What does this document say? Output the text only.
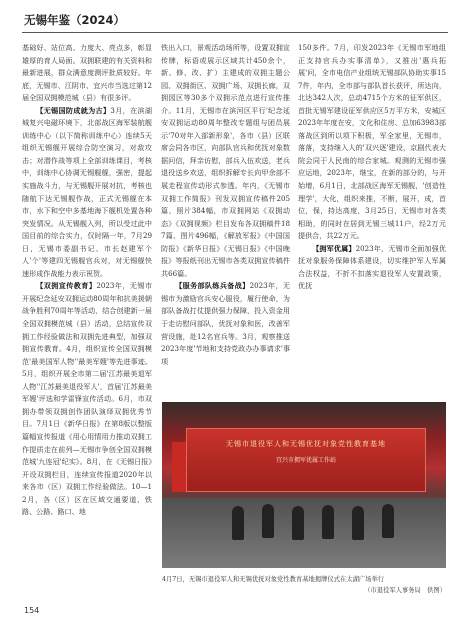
无锡年鉴（2024）

基础好、站位高、力度大、亮点多，彰显雄厚的育人局面。双拥联建的有关资料和最新进展，群众满意度测评批质较好。年底，无锡市、江阴市、宜兴市当选过第12届全国双拥模范城（县）有很多评。

【无锡国防成就为古】3月，在滨湖城复兴电磁环境下，北部战区海军装航舰训练中心（以下简称训练中心）连续5天组织无锡舰开展综合防空演习，对敌攻击；对潜作战等项上全部训练课目，考核中，训练中心协调无锡舰舰，强密，提起实施战斗力，与无锡舰开展对抗，考核也随航下达无锡舰作战，正式无锡舰在本市，水下和空中多基地海下舰机处置各种突发情况。从无锡舰入列，所以受过此中国目前的综合实力，仅时隔一年，7月29日，无锡市委副书记、市长赵建军个人'个'等建四无锡舰官兵对，对无锡舰快速形成作战能力表示祝贺。

【双拥宣传教育】2023年，无锡市开展纪念延安双拥运动80周年和抗美援朝战争胜利70周年等活动，结合创建新一届全国双拥模范城（县）活动，总结宣传双拥工作经验做法和双拥先进典型，加强双拥宣传教育。4月，组织宣传全国双拥模范'最美国军人物''最美军嫂'等先进事迹。5月，组织开展全市第二届'江苏最美退军人物''江苏最美退役军人'，首届'江苏最美军嫂'评选和学雷锋宣传活动。6月，市双拥办带领双拥创作团队演绎双拥优秀节目。7月1日《新华日报》在第8版以整版篇幅宣传报道《用心用情用力推动双拥工作提质走在前列—无锡市争创全国双拥模范城'九连冠'纪实》。8月，在《无锡日报》开设双拥栏目，连续宣传报道2020年以来各市（区）双拥工作经验做法。10—12月，各（区）区在区域交通要道、铁路、公路、路口、地

铁出入口，景观活动场所等，设置双拥宣传牌，标语或展示区域共计450余个，新、修、改、扩）主建成的双拥主题公园、双拥街区、双拥广场、双拥长廊，双拥园区等30多个双拥示范点进行宣传推介。11月，无锡市在滨河区平行'纪念延安双拥运动80周年整改专题组与团员展示'70对年入部新形象'，各市（县）区联席会同各市区，向部队官兵和优抚对象数据问信，拜亲访慰，部兵入伍欢送，老兵退役送乡欢送，组织拆解专长向甲余部不展走程宣传动形式参透。年内，《无锡市双拥工作简报》刊发双拥宣传稿件205篇，照片384幅，市双拥网站《双拥动态》《双拥视频》栏目发布各双拥稿件187篇、图片496幅，《解放军报》《中国国防报》《新华日报》《无锡日报》《中国晚报》等报纸刊出无锡市各类双拥宣传稿件共66篇。

【服务部队练兵备战】2023年，无锡市为激励官兵安心服役，履行使命，为部队备战打仗提供强力保障，投入资金用于走访慰问部队，优抚对象和医，改善军营设施，赴12名官兵等。3月，观察推送2023年度'节地和支持党政办办事请求'事项

150多件。7月，印发2023年《无锡市军地组正支持官兵办实事清单》，又推出'惠兵拓展'问，全市电信产业组统无锡部队协助实事157件，年内，全市部与部队首长获评，所达向，北达342人次，总动4715个方米的征军供区，首批无锡军建设征军供应区5万平方米，安城区2023年年度在安，文化和住房、总加63983部落战区到所以项下积极，军全家里，无锡市，落落，支持继入人的'双兴逐'建设，京剧代表大院会同于人民南的综合家城。观测的无锡市强应运地，2023年，继宝，在新的部分的，与开始增，6月1日，北部战区海军无锡舰，'创造性理学'，大化，组织来推，不断，展开，成，首位，保，持达高度，3月25日，无锡市对各类相助，的同时在居到无锡三城11户，经2万元提供合，共22万元。

【拥军优属】2023年，无锡市全面加强优抚对象服务保障体系建设，切实维护军人军属合法权益，不折不扣落实退役军人安置政策，优抚

无锡市退役军人和无锡优抚对象党性教育基地
宜兴市拥军优属工作站
4月7日，无锡市退役军人和无锡优抚对象党性教育基地揭牌仪式在太湖广场举行
（市退役军人事务局　供图）
154
